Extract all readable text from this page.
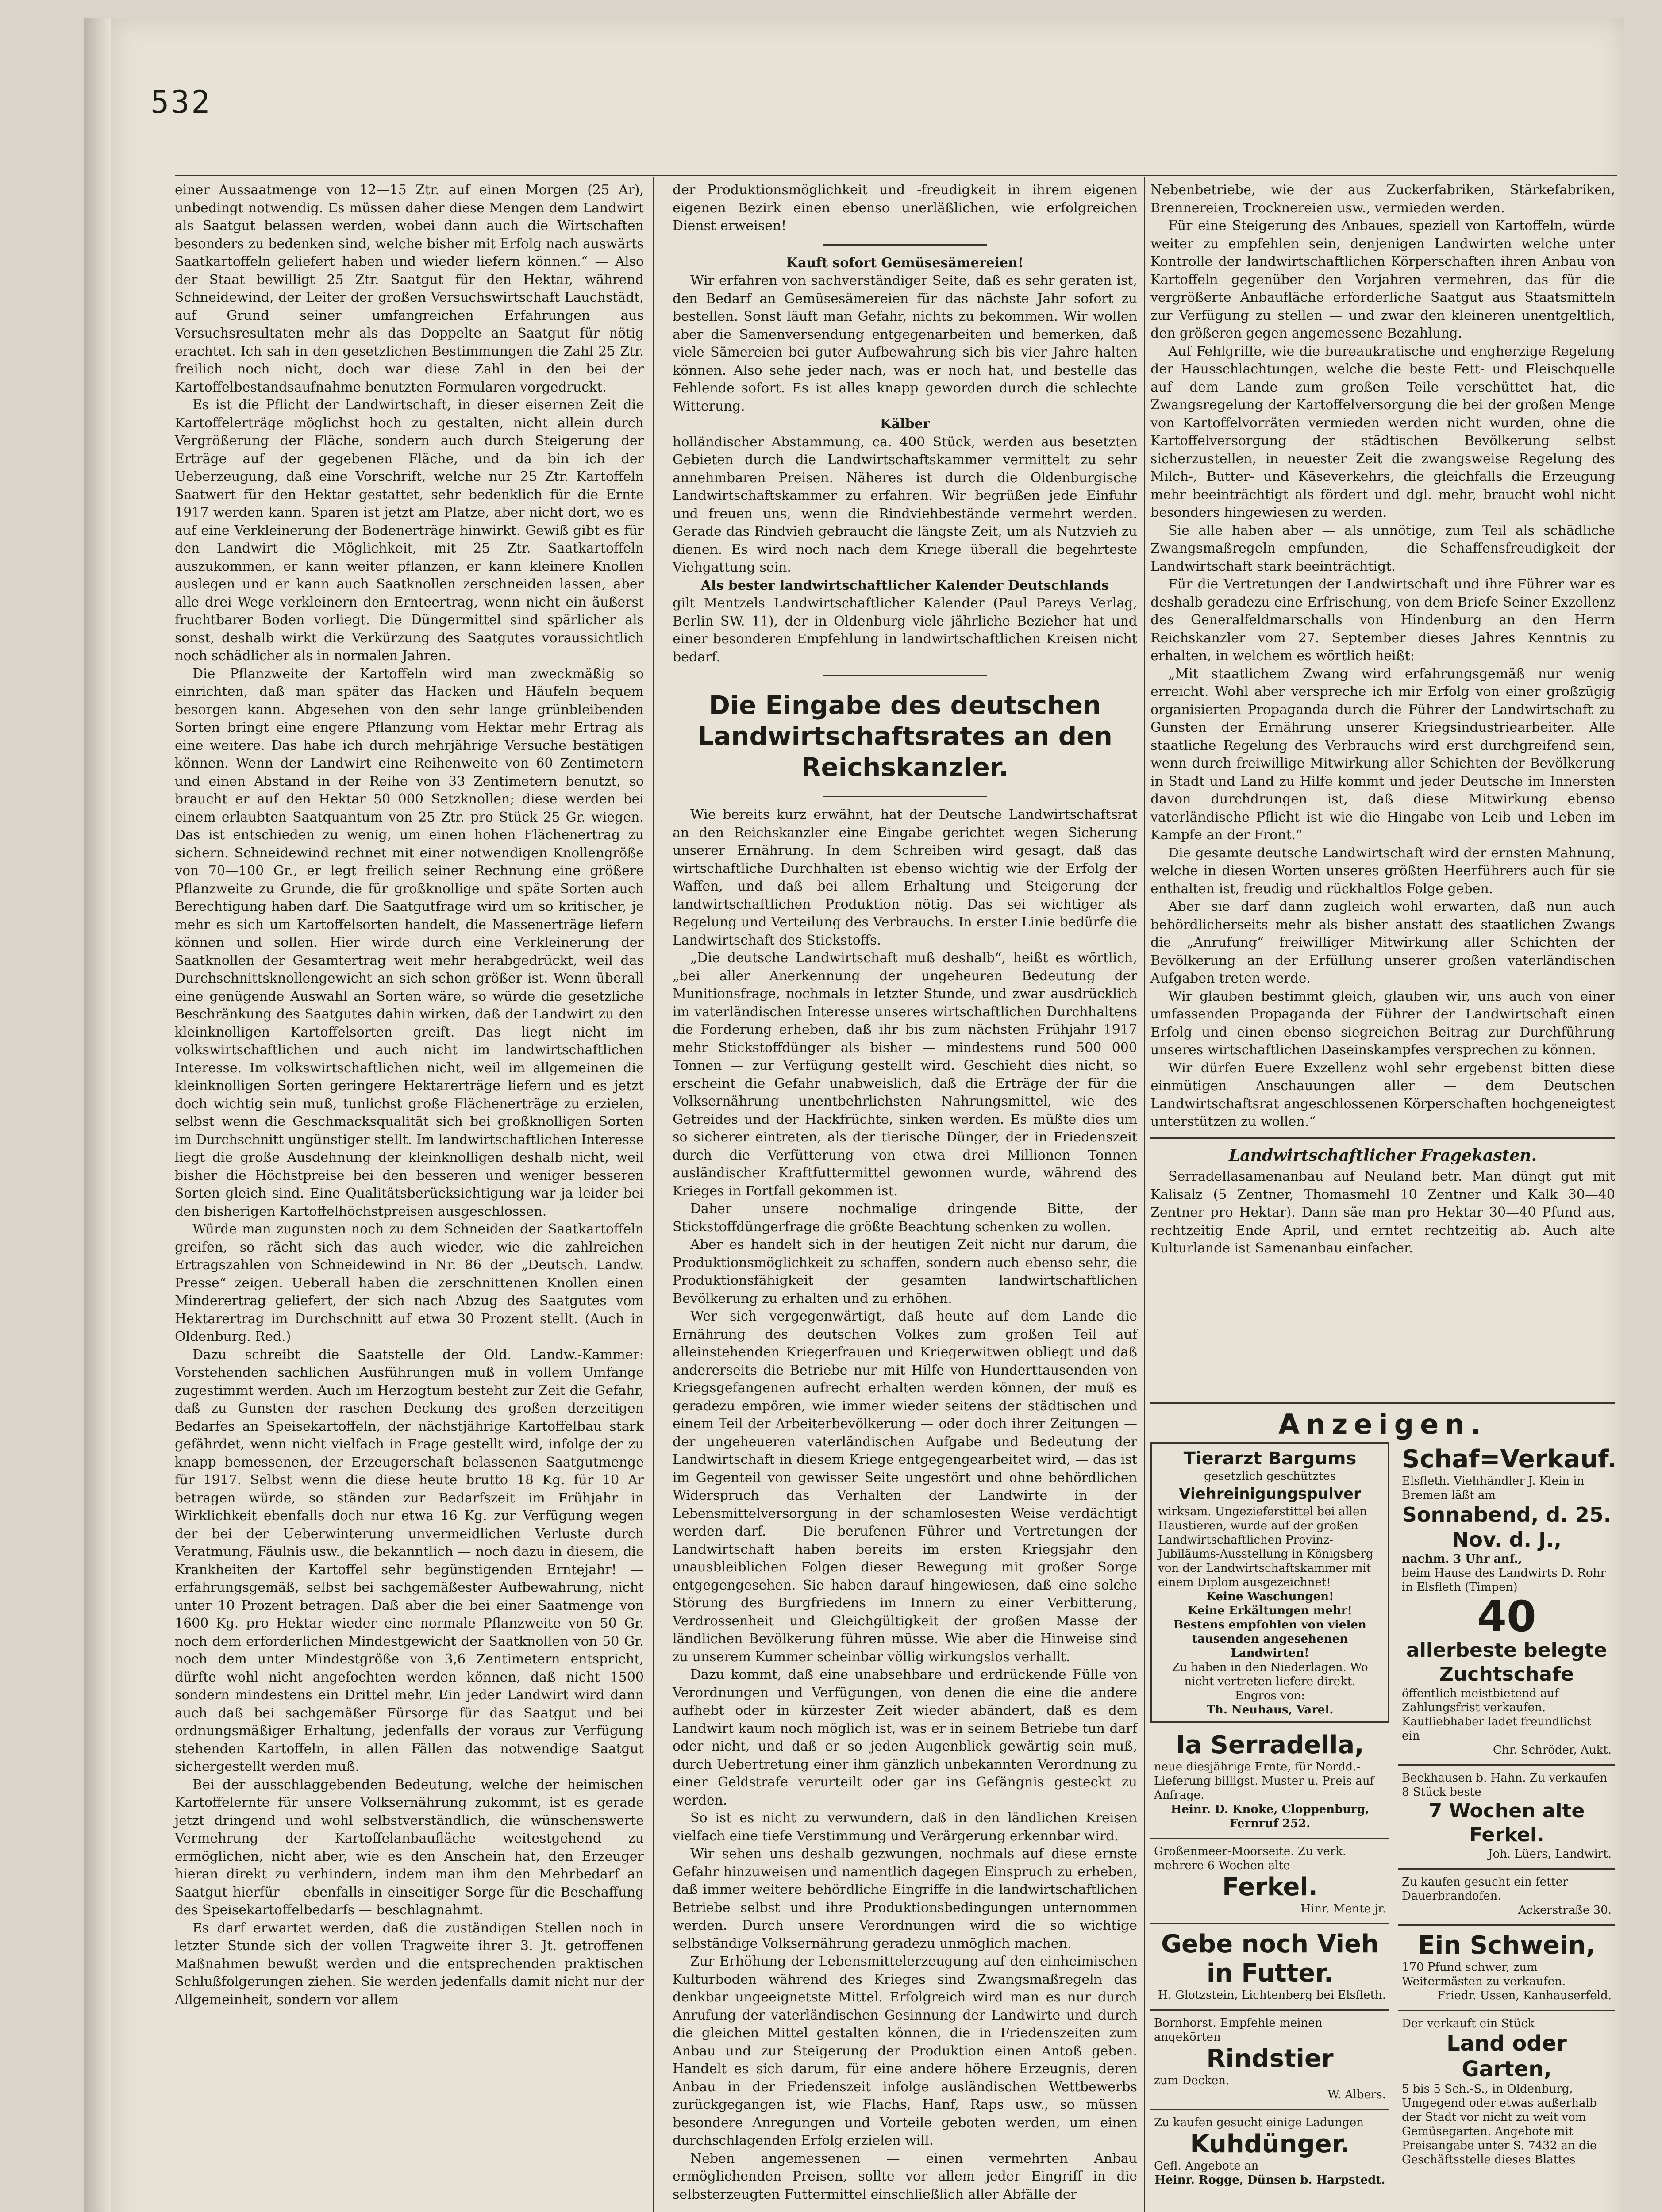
532

einer Aussaatmenge von 12—15 Ztr. auf einen Morgen (25 Ar), unbedingt notwendig. Es müssen daher diese Mengen dem Landwirt als Saatgut belassen werden, wobei dann auch die Wirtschaften besonders zu bedenken sind, welche bisher mit Erfolg nach auswärts Saatkartoffeln geliefert haben und wieder liefern können.“ — Also der Staat bewilligt 25 Ztr. Saatgut für den Hektar, während Schneidewind, der Leiter der großen Versuchswirtschaft Lauchstädt, auf Grund seiner umfangreichen Erfahrungen aus Versuchsresultaten mehr als das Doppelte an Saatgut für nötig erachtet. Ich sah in den gesetzlichen Bestimmungen die Zahl 25 Ztr. freilich noch nicht, doch war diese Zahl in den bei der Kartoffelbestandsaufnahme benutzten Formularen vorgedruckt.

Es ist die Pflicht der Landwirtschaft, in dieser eisernen Zeit die Kartoffelerträge möglichst hoch zu gestalten, nicht allein durch Vergrößerung der Fläche, sondern auch durch Steigerung der Erträge auf der gegebenen Fläche, und da bin ich der Ueberzeugung, daß eine Vorschrift, welche nur 25 Ztr. Kartoffeln Saatwert für den Hektar gestattet, sehr bedenklich für die Ernte 1917 werden kann. Sparen ist jetzt am Platze, aber nicht dort, wo es auf eine Verkleinerung der Bodenerträge hinwirkt. Gewiß gibt es für den Landwirt die Möglichkeit, mit 25 Ztr. Saatkartoffeln auszukommen, er kann weiter pflanzen, er kann kleinere Knollen auslegen und er kann auch Saatknollen zerschneiden lassen, aber alle drei Wege verkleinern den Ernteertrag, wenn nicht ein äußerst fruchtbarer Boden vorliegt. Die Düngermittel sind spärlicher als sonst, deshalb wirkt die Verkürzung des Saatgutes voraussichtlich noch schädlicher als in normalen Jahren.

Die Pflanzweite der Kartoffeln wird man zweckmäßig so einrichten, daß man später das Hacken und Häufeln bequem besorgen kann. Abgesehen von den sehr lange grünbleibenden Sorten bringt eine engere Pflanzung vom Hektar mehr Ertrag als eine weitere. Das habe ich durch mehrjährige Versuche bestätigen können. Wenn der Landwirt eine Reihenweite von 60 Zentimetern und einen Abstand in der Reihe von 33 Zentimetern benutzt, so braucht er auf den Hektar 50 000 Setzknollen; diese werden bei einem erlaubten Saatquantum von 25 Ztr. pro Stück 25 Gr. wiegen. Das ist entschieden zu wenig, um einen hohen Flächenertrag zu sichern. Schneidewind rechnet mit einer notwendigen Knollengröße von 70—100 Gr., er legt freilich seiner Rechnung eine größere Pflanzweite zu Grunde, die für großknollige und späte Sorten auch Berechtigung haben darf. Die Saatgutfrage wird um so kritischer, je mehr es sich um Kartoffelsorten handelt, die Massenerträge liefern können und sollen. Hier wirde durch eine Verkleinerung der Saatknollen der Gesamtertrag weit mehr herabgedrückt, weil das Durchschnittsknollengewicht an sich schon größer ist. Wenn überall eine genügende Auswahl an Sorten wäre, so würde die gesetzliche Beschränkung des Saatgutes dahin wirken, daß der Landwirt zu den kleinknolligen Kartoffelsorten greift. Das liegt nicht im volkswirtschaftlichen und auch nicht im landwirtschaftlichen Interesse. Im volkswirtschaftlichen nicht, weil im allgemeinen die kleinknolligen Sorten geringere Hektarerträge liefern und es jetzt doch wichtig sein muß, tunlichst große Flächenerträge zu erzielen, selbst wenn die Geschmacksqualität sich bei großknolligen Sorten im Durchschnitt ungünstiger stellt. Im landwirtschaftlichen Interesse liegt die große Ausdehnung der kleinknolligen deshalb nicht, weil bisher die Höchstpreise bei den besseren und weniger besseren Sorten gleich sind. Eine Qualitätsberücksichtigung war ja leider bei den bisherigen Kartoffelhöchstpreisen ausgeschlossen.

Würde man zugunsten noch zu dem Schneiden der Saatkartoffeln greifen, so rächt sich das auch wieder, wie die zahlreichen Ertragszahlen von Schneidewind in Nr. 86 der „Deutsch. Landw. Presse“ zeigen. Ueberall haben die zerschnittenen Knollen einen Minderertrag geliefert, der sich nach Abzug des Saatgutes vom Hektarertrag im Durchschnitt auf etwa 30 Prozent stellt. (Auch in Oldenburg. Red.)

Dazu schreibt die Saatstelle der Old. Landw.-Kammer: Vorstehenden sachlichen Ausführungen muß in vollem Umfange zugestimmt werden. Auch im Herzogtum besteht zur Zeit die Gefahr, daß zu Gunsten der raschen Deckung des großen derzeitigen Bedarfes an Speisekartoffeln, der nächstjährige Kartoffelbau stark gefährdet, wenn nicht vielfach in Frage gestellt wird, infolge der zu knapp bemessenen, der Erzeugerschaft belassenen Saatgutmenge für 1917. Selbst wenn die diese heute brutto 18 Kg. für 10 Ar betragen würde, so ständen zur Bedarfszeit im Frühjahr in Wirklichkeit ebenfalls doch nur etwa 16 Kg. zur Verfügung wegen der bei der Ueberwinterung unvermeidlichen Verluste durch Veratmung, Fäulnis usw., die bekanntlich — noch dazu in diesem, die Krankheiten der Kartoffel sehr begünstigenden Erntejahr! — erfahrungsgemäß, selbst bei sachgemäßester Aufbewahrung, nicht unter 10 Prozent betragen. Daß aber die bei einer Saatmenge von 1600 Kg. pro Hektar wieder eine normale Pflanzweite von 50 Gr. noch dem erforderlichen Mindestgewicht der Saatknollen von 50 Gr. noch dem unter Mindestgröße von 3,6 Zentimetern entspricht, dürfte wohl nicht angefochten werden können, daß nicht 1500 sondern mindestens ein Drittel mehr. Ein jeder Landwirt wird dann auch daß bei sachgemäßer Fürsorge für das Saatgut und bei ordnungsmäßiger Erhaltung, jedenfalls der voraus zur Verfügung stehenden Kartoffeln, in allen Fällen das notwendige Saatgut sichergestellt werden muß.

Bei der ausschlaggebenden Bedeutung, welche der heimischen Kartoffelernte für unsere Volksernährung zukommt, ist es gerade jetzt dringend und wohl selbstverständlich, die wünschenswerte Vermehrung der Kartoffelanbaufläche weitestgehend zu ermöglichen, nicht aber, wie es den Anschein hat, den Erzeuger hieran direkt zu verhindern, indem man ihm den Mehrbedarf an Saatgut hierfür — ebenfalls in einseitiger Sorge für die Beschaffung des Speisekartoffelbedarfs — beschlagnahmt.

Es darf erwartet werden, daß die zuständigen Stellen noch in letzter Stunde sich der vollen Tragweite ihrer 3. Jt. getroffenen Maßnahmen bewußt werden und die entsprechenden praktischen Schlußfolgerungen ziehen. Sie werden jedenfalls damit nicht nur der Allgemeinheit, sondern vor allem

der Produktionsmöglichkeit und -freudigkeit in ihrem eigenen eigenen Bezirk einen ebenso unerläßlichen, wie erfolgreichen Dienst erweisen!

Kauft sofort Gemüsesämereien!

Wir erfahren von sachverständiger Seite, daß es sehr geraten ist, den Bedarf an Gemüsesämereien für das nächste Jahr sofort zu bestellen. Sonst läuft man Gefahr, nichts zu bekommen. Wir wollen aber die Samenversendung entgegenarbeiten und bemerken, daß viele Sämereien bei guter Aufbewahrung sich bis vier Jahre halten können. Also sehe jeder nach, was er noch hat, und bestelle das Fehlende sofort. Es ist alles knapp geworden durch die schlechte Witterung.

Kälber

holländischer Abstammung, ca. 400 Stück, werden aus besetzten Gebieten durch die Landwirtschaftskammer vermittelt zu sehr annehmbaren Preisen. Näheres ist durch die Oldenburgische Landwirtschaftskammer zu erfahren. Wir begrüßen jede Einfuhr und freuen uns, wenn die Rindviehbestände vermehrt werden. Gerade das Rindvieh gebraucht die längste Zeit, um als Nutzvieh zu dienen. Es wird noch nach dem Kriege überall die begehrteste Viehgattung sein.

Als bester landwirtschaftlicher Kalender Deutschlands

gilt Mentzels Landwirtschaftlicher Kalender (Paul Pareys Verlag, Berlin SW. 11), der in Oldenburg viele jährliche Bezieher hat und einer besonderen Empfehlung in landwirtschaftlichen Kreisen nicht bedarf.

Die Eingabe des deutschen Landwirtschaftsrates an den Reichskanzler.

Wie bereits kurz erwähnt, hat der Deutsche Landwirtschaftsrat an den Reichskanzler eine Eingabe gerichtet wegen Sicherung unserer Ernährung. In dem Schreiben wird gesagt, daß das wirtschaftliche Durchhalten ist ebenso wichtig wie der Erfolg der Waffen, und daß bei allem Erhaltung und Steigerung der landwirtschaftlichen Produktion nötig. Das sei wichtiger als Regelung und Verteilung des Verbrauchs. In erster Linie bedürfe die Landwirtschaft des Stickstoffs.

„Die deutsche Landwirtschaft muß deshalb“, heißt es wörtlich, „bei aller Anerkennung der ungeheuren Bedeutung der Munitionsfrage, nochmals in letzter Stunde, und zwar ausdrücklich im vaterländischen Interesse unseres wirtschaftlichen Durchhaltens die Forderung erheben, daß ihr bis zum nächsten Frühjahr 1917 mehr Stickstoffdünger als bisher — mindestens rund 500 000 Tonnen — zur Verfügung gestellt wird. Geschieht dies nicht, so erscheint die Gefahr unabweislich, daß die Erträge der für die Volksernährung unentbehrlichsten Nahrungsmittel, wie des Getreides und der Hackfrüchte, sinken werden. Es müßte dies um so sicherer eintreten, als der tierische Dünger, der in Friedenszeit durch die Verfütterung von etwa drei Millionen Tonnen ausländischer Kraftfuttermittel gewonnen wurde, während des Krieges in Fortfall gekommen ist.

Daher unsere nochmalige dringende Bitte, der Stickstoffdüngerfrage die größte Beachtung schenken zu wollen.

Aber es handelt sich in der heutigen Zeit nicht nur darum, die Produktionsmöglichkeit zu schaffen, sondern auch ebenso sehr, die Produktionsfähigkeit der gesamten landwirtschaftlichen Bevölkerung zu erhalten und zu erhöhen.

Wer sich vergegenwärtigt, daß heute auf dem Lande die Ernährung des deutschen Volkes zum großen Teil auf alleinstehenden Kriegerfrauen und Kriegerwitwen obliegt und daß andererseits die Betriebe nur mit Hilfe von Hunderttausenden von Kriegsgefangenen aufrecht erhalten werden können, der muß es geradezu empören, wie immer wieder seitens der städtischen und einem Teil der Arbeiterbevölkerung — oder doch ihrer Zeitungen — der ungeheueren vaterländischen Aufgabe und Bedeutung der Landwirtschaft in diesem Kriege entgegengearbeitet wird, — das ist im Gegenteil von gewisser Seite ungestört und ohne behördlichen Widerspruch das Verhalten der Landwirte in der Lebensmittelversorgung in der schamlosesten Weise verdächtigt werden darf. — Die berufenen Führer und Vertretungen der Landwirtschaft haben bereits im ersten Kriegsjahr den unausbleiblichen Folgen dieser Bewegung mit großer Sorge entgegengesehen. Sie haben darauf hingewiesen, daß eine solche Störung des Burgfriedens im Innern zu einer Verbitterung, Verdrossenheit und Gleichgültigkeit der großen Masse der ländlichen Bevölkerung führen müsse. Wie aber die Hinweise sind zu unserem Kummer scheinbar völlig wirkungslos verhallt.

Dazu kommt, daß eine unabsehbare und erdrückende Fülle von Verordnungen und Verfügungen, von denen die eine die andere aufhebt oder in kürzester Zeit wieder abändert, daß es dem Landwirt kaum noch möglich ist, was er in seinem Betriebe tun darf oder nicht, und daß er so jeden Augenblick gewärtig sein muß, durch Uebertretung einer ihm gänzlich unbekannten Verordnung zu einer Geldstrafe verurteilt oder gar ins Gefängnis gesteckt zu werden.

So ist es nicht zu verwundern, daß in den ländlichen Kreisen vielfach eine tiefe Verstimmung und Verärgerung erkennbar wird.

Wir sehen uns deshalb gezwungen, nochmals auf diese ernste Gefahr hinzuweisen und namentlich dagegen Einspruch zu erheben, daß immer weitere behördliche Eingriffe in die landwirtschaftlichen Betriebe selbst und ihre Produktionsbedingungen unternommen werden. Durch unsere Verordnungen wird die so wichtige selbständige Volksernährung geradezu unmöglich machen.

Zur Erhöhung der Lebensmittelerzeugung auf den einheimischen Kulturboden während des Krieges sind Zwangsmaßregeln das denkbar ungeeignetste Mittel. Erfolgreich wird man es nur durch Anrufung der vaterländischen Gesinnung der Landwirte und durch die gleichen Mittel gestalten können, die in Friedenszeiten zum Anbau und zur Steigerung der Produktion einen Antoß geben. Handelt es sich darum, für eine andere höhere Erzeugnis, deren Anbau in der Friedenszeit infolge ausländischen Wettbewerbs zurückgegangen ist, wie Flachs, Hanf, Raps usw., so müssen besondere Anregungen und Vorteile geboten werden, um einen durchschlagenden Erfolg erzielen will.

Neben angemessenen — einen vermehrten Anbau ermöglichenden Preisen, sollte vor allem jeder Eingriff in die selbsterzeugten Futtermittel einschließlich aller Abfälle der

Nebenbetriebe, wie der aus Zuckerfabriken, Stärkefabriken, Brennereien, Trocknereien usw., vermieden werden.

Für eine Steigerung des Anbaues, speziell von Kartoffeln, würde weiter zu empfehlen sein, denjenigen Landwirten welche unter Kontrolle der landwirtschaftlichen Körperschaften ihren Anbau von Kartoffeln gegenüber den Vorjahren vermehren, das für die vergrößerte Anbaufläche erforderliche Saatgut aus Staatsmitteln zur Verfügung zu stellen — und zwar den kleineren unentgeltlich, den größeren gegen angemessene Bezahlung.

Auf Fehlgriffe, wie die bureaukratische und engherzige Regelung der Hausschlachtungen, welche die beste Fett- und Fleischquelle auf dem Lande zum großen Teile verschüttet hat, die Zwangsregelung der Kartoffelversorgung die bei der großen Menge von Kartoffelvorräten vermieden werden nicht wurden, ohne die Kartoffelversorgung der städtischen Bevölkerung selbst sicherzustellen, in neuester Zeit die zwangsweise Regelung des Milch-, Butter- und Käseverkehrs, die gleichfalls die Erzeugung mehr beeinträchtigt als fördert und dgl. mehr, braucht wohl nicht besonders hingewiesen zu werden.

Sie alle haben aber — als unnötige, zum Teil als schädliche Zwangsmaßregeln empfunden, — die Schaffensfreudigkeit der Landwirtschaft stark beeinträchtigt.

Für die Vertretungen der Landwirtschaft und ihre Führer war es deshalb geradezu eine Erfrischung, von dem Briefe Seiner Exzellenz des Generalfeldmarschalls von Hindenburg an den Herrn Reichskanzler vom 27. September dieses Jahres Kenntnis zu erhalten, in welchem es wörtlich heißt:

„Mit staatlichem Zwang wird erfahrungsgemäß nur wenig erreicht. Wohl aber verspreche ich mir Erfolg von einer großzügig organisierten Propaganda durch die Führer der Landwirtschaft zu Gunsten der Ernährung unserer Kriegsindustriearbeiter. Alle staatliche Regelung des Verbrauchs wird erst durchgreifend sein, wenn durch freiwillige Mitwirkung aller Schichten der Bevölkerung in Stadt und Land zu Hilfe kommt und jeder Deutsche im Innersten davon durchdrungen ist, daß diese Mitwirkung ebenso vaterländische Pflicht ist wie die Hingabe von Leib und Leben im Kampfe an der Front.“

Die gesamte deutsche Landwirtschaft wird der ernsten Mahnung, welche in diesen Worten unseres größten Heerführers auch für sie enthalten ist, freudig und rückhaltlos Folge geben.

Aber sie darf dann zugleich wohl erwarten, daß nun auch behördlicherseits mehr als bisher anstatt des staatlichen Zwangs die „Anrufung“ freiwilliger Mitwirkung aller Schichten der Bevölkerung an der Erfüllung unserer großen vaterländischen Aufgaben treten werde. —

Wir glauben bestimmt gleich, glauben wir, uns auch von einer umfassenden Propaganda der Führer der Landwirtschaft einen Erfolg und einen ebenso siegreichen Beitrag zur Durchführung unseres wirtschaftlichen Daseinskampfes versprechen zu können.

Wir dürfen Euere Exzellenz wohl sehr ergebenst bitten diese einmütigen Anschauungen aller — dem Deutschen Landwirtschaftsrat angeschlossenen Körperschaften hochgeneigtest unterstützen zu wollen.“

Landwirtschaftlicher Fragekasten.

Serradellasamenanbau auf Neuland betr. Man düngt gut mit Kalisalz (5 Zentner, Thomasmehl 10 Zentner und Kalk 30—40 Zentner pro Hektar). Dann säe man pro Hektar 30—40 Pfund aus, rechtzeitig Ende April, und erntet rechtzeitig ab. Auch alte Kulturlande ist Samenanbau einfacher.

Anzeigen.
Tierarzt Bargums
gesetzlich geschütztes
Viehreinigungspulver
wirksam. Ungezieferstittel bei allen Haustieren, wurde auf der großen Landwirtschaftlichen Provinz-Jubiläums-Ausstellung in Königsberg von der Landwirtschaftskammer mit einem Diplom ausgezeichnet!
Keine Waschungen!
Keine Erkältungen mehr!
Bestens empfohlen von vielen tausenden angesehenen Landwirten!
Zu haben in den Niederlagen. Wo nicht vertreten liefere direkt.
Engros von:
Th. Neuhaus, Varel.
Ia Serradella,
neue diesjährige Ernte, für Nordd.-Lieferung billigst. Muster u. Preis auf Anfrage.
Heinr. D. Knoke, Cloppenburg, Fernruf 252.
Großenmeer-Moorseite. Zu verk. mehrere 6 Wochen alte
Ferkel.
Hinr. Mente jr.
Gebe noch Vieh in Futter.
H. Glotzstein, Lichtenberg bei Elsfleth.
Bornhorst. Empfehle meinen angekörten
Rindstier
zum Decken.
W. Albers.
Zu kaufen gesucht einige Ladungen
Kuhdünger.
Gefl. Angebote an
Heinr. Rogge, Dünsen b. Harpstedt.
Schaf=Verkauf.
Elsfleth. Viehhändler J. Klein in Bremen läßt am
Sonnabend, d. 25. Nov. d. J.,
nachm. 3 Uhr anf.,
beim Hause des Landwirts D. Rohr in Elsfleth (Timpen)
40
allerbeste belegte Zuchtschafe
öffentlich meistbietend auf Zahlungsfrist verkaufen. Kaufliebhaber ladet freundlichst ein
Chr. Schröder, Aukt.
Beckhausen b. Hahn. Zu verkaufen 8 Stück beste
7 Wochen alte Ferkel.
Joh. Lüers, Landwirt.
Zu kaufen gesucht ein fetter Dauerbrandofen.
Ackerstraße 30.
Ein Schwein,
170 Pfund schwer, zum Weitermästen zu verkaufen.
Friedr. Ussen, Kanhauserfeld.
Der verkauft ein Stück
Land oder Garten,
5 bis 5 Sch.-S., in Oldenburg, Umgegend oder etwas außerhalb der Stadt vor nicht zu weit vom Gemüsegarten. Angebote mit Preisangabe unter S. 7432 an die Geschäftsstelle dieses Blattes
